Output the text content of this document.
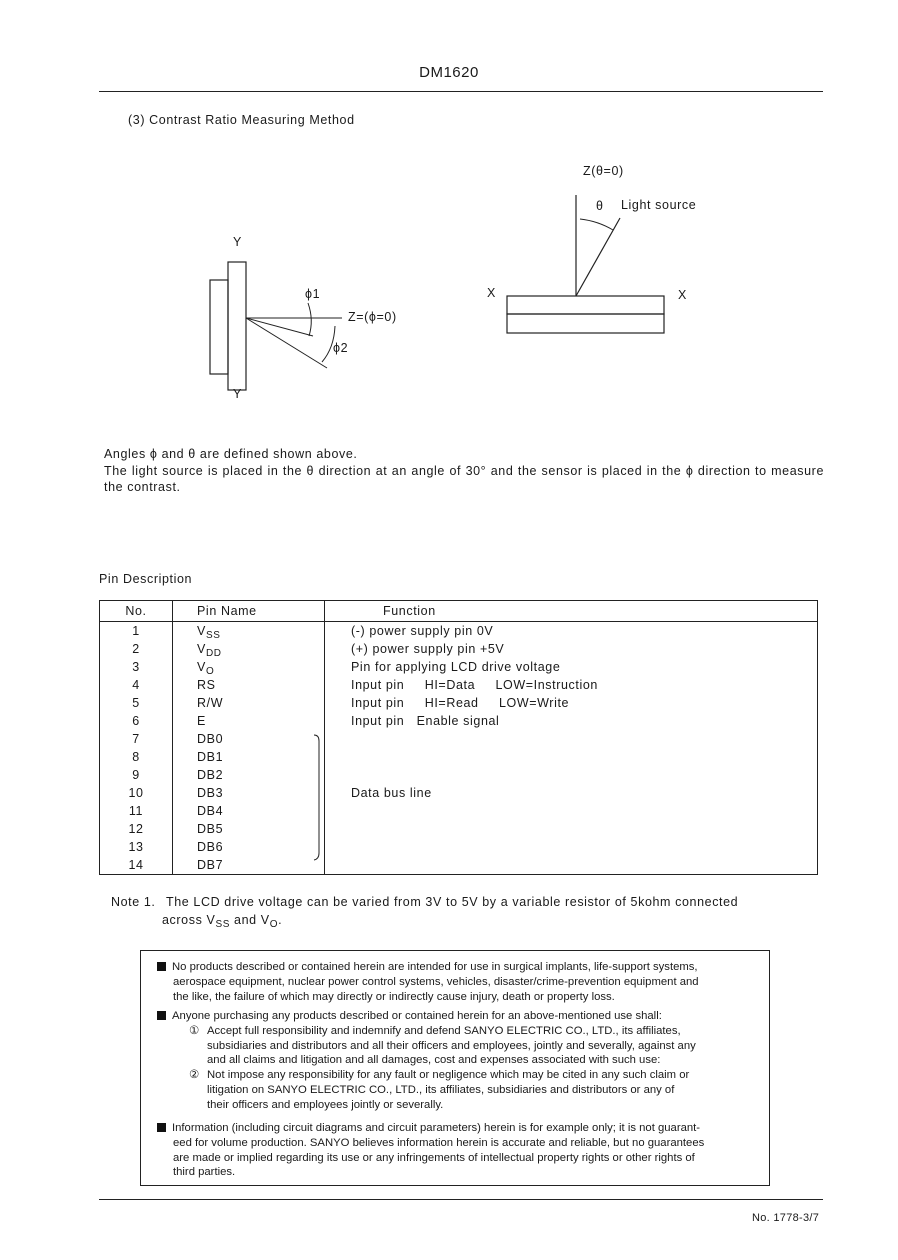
DM1620
(3) Contrast Ratio Measuring Method
Y
Y
ϕ1
ϕ2
Z=(ϕ=0)
Z(θ=0)
θ Light source
X	X
Angles ϕ and θ are defined shown above.
The light source is placed in the θ direction at an angle of 30° and the sensor is placed in the ϕ direction to measure the contrast.
Pin Description
No.	Pin Name	Function
1	$V_{SS}$	(-) power supply pin 0V
2	$V_{DD}$	(+) power supply pin +5V
3	$V_O$	Pin for applying LCD drive voltage
4	RS	Input pin     HI=Data     LOW=Instruction
5	R/W	Input pin     HI=Read     LOW=Write
6	E	Input pin   Enable signal
7	DB0	
8	DB1	
9	DB2	
10	DB3	Data bus line
11	DB4	
12	DB5	
13	DB6	
14	DB7	
Note 1. The LCD drive voltage can be varied from 3V to 5V by a variable resistor of 5kohm connected
across $V_{SS}$ and $V_O$.
No products described or contained herein are intended for use in surgical implants, life-support systems,
aerospace equipment, nuclear power control systems, vehicles, disaster/crime-prevention equipment and
the like, the failure of which may directly or indirectly cause injury, death or property loss.
Anyone purchasing any products described or contained herein for an above-mentioned use shall:
① Accept full responsibility and indemnify and defend SANYO ELECTRIC CO., LTD., its affiliates,
subsidiaries and distributors and all their officers and employees, jointly and severally, against any
and all claims and litigation and all damages, cost and expenses associated with such use:
② Not impose any responsibility for any fault or negligence which may be cited in any such claim or
litigation on SANYO ELECTRIC CO., LTD., its affiliates, subsidiaries and distributors or any of
their officers and employees jointly or severally.
Information (including circuit diagrams and circuit parameters) herein is for example only; it is not guarant-
eed for volume production. SANYO believes information herein is accurate and reliable, but no guarantees
are made or implied regarding its use or any infringements of intellectual property rights or other rights of
third parties.
No. 1778-3/7
